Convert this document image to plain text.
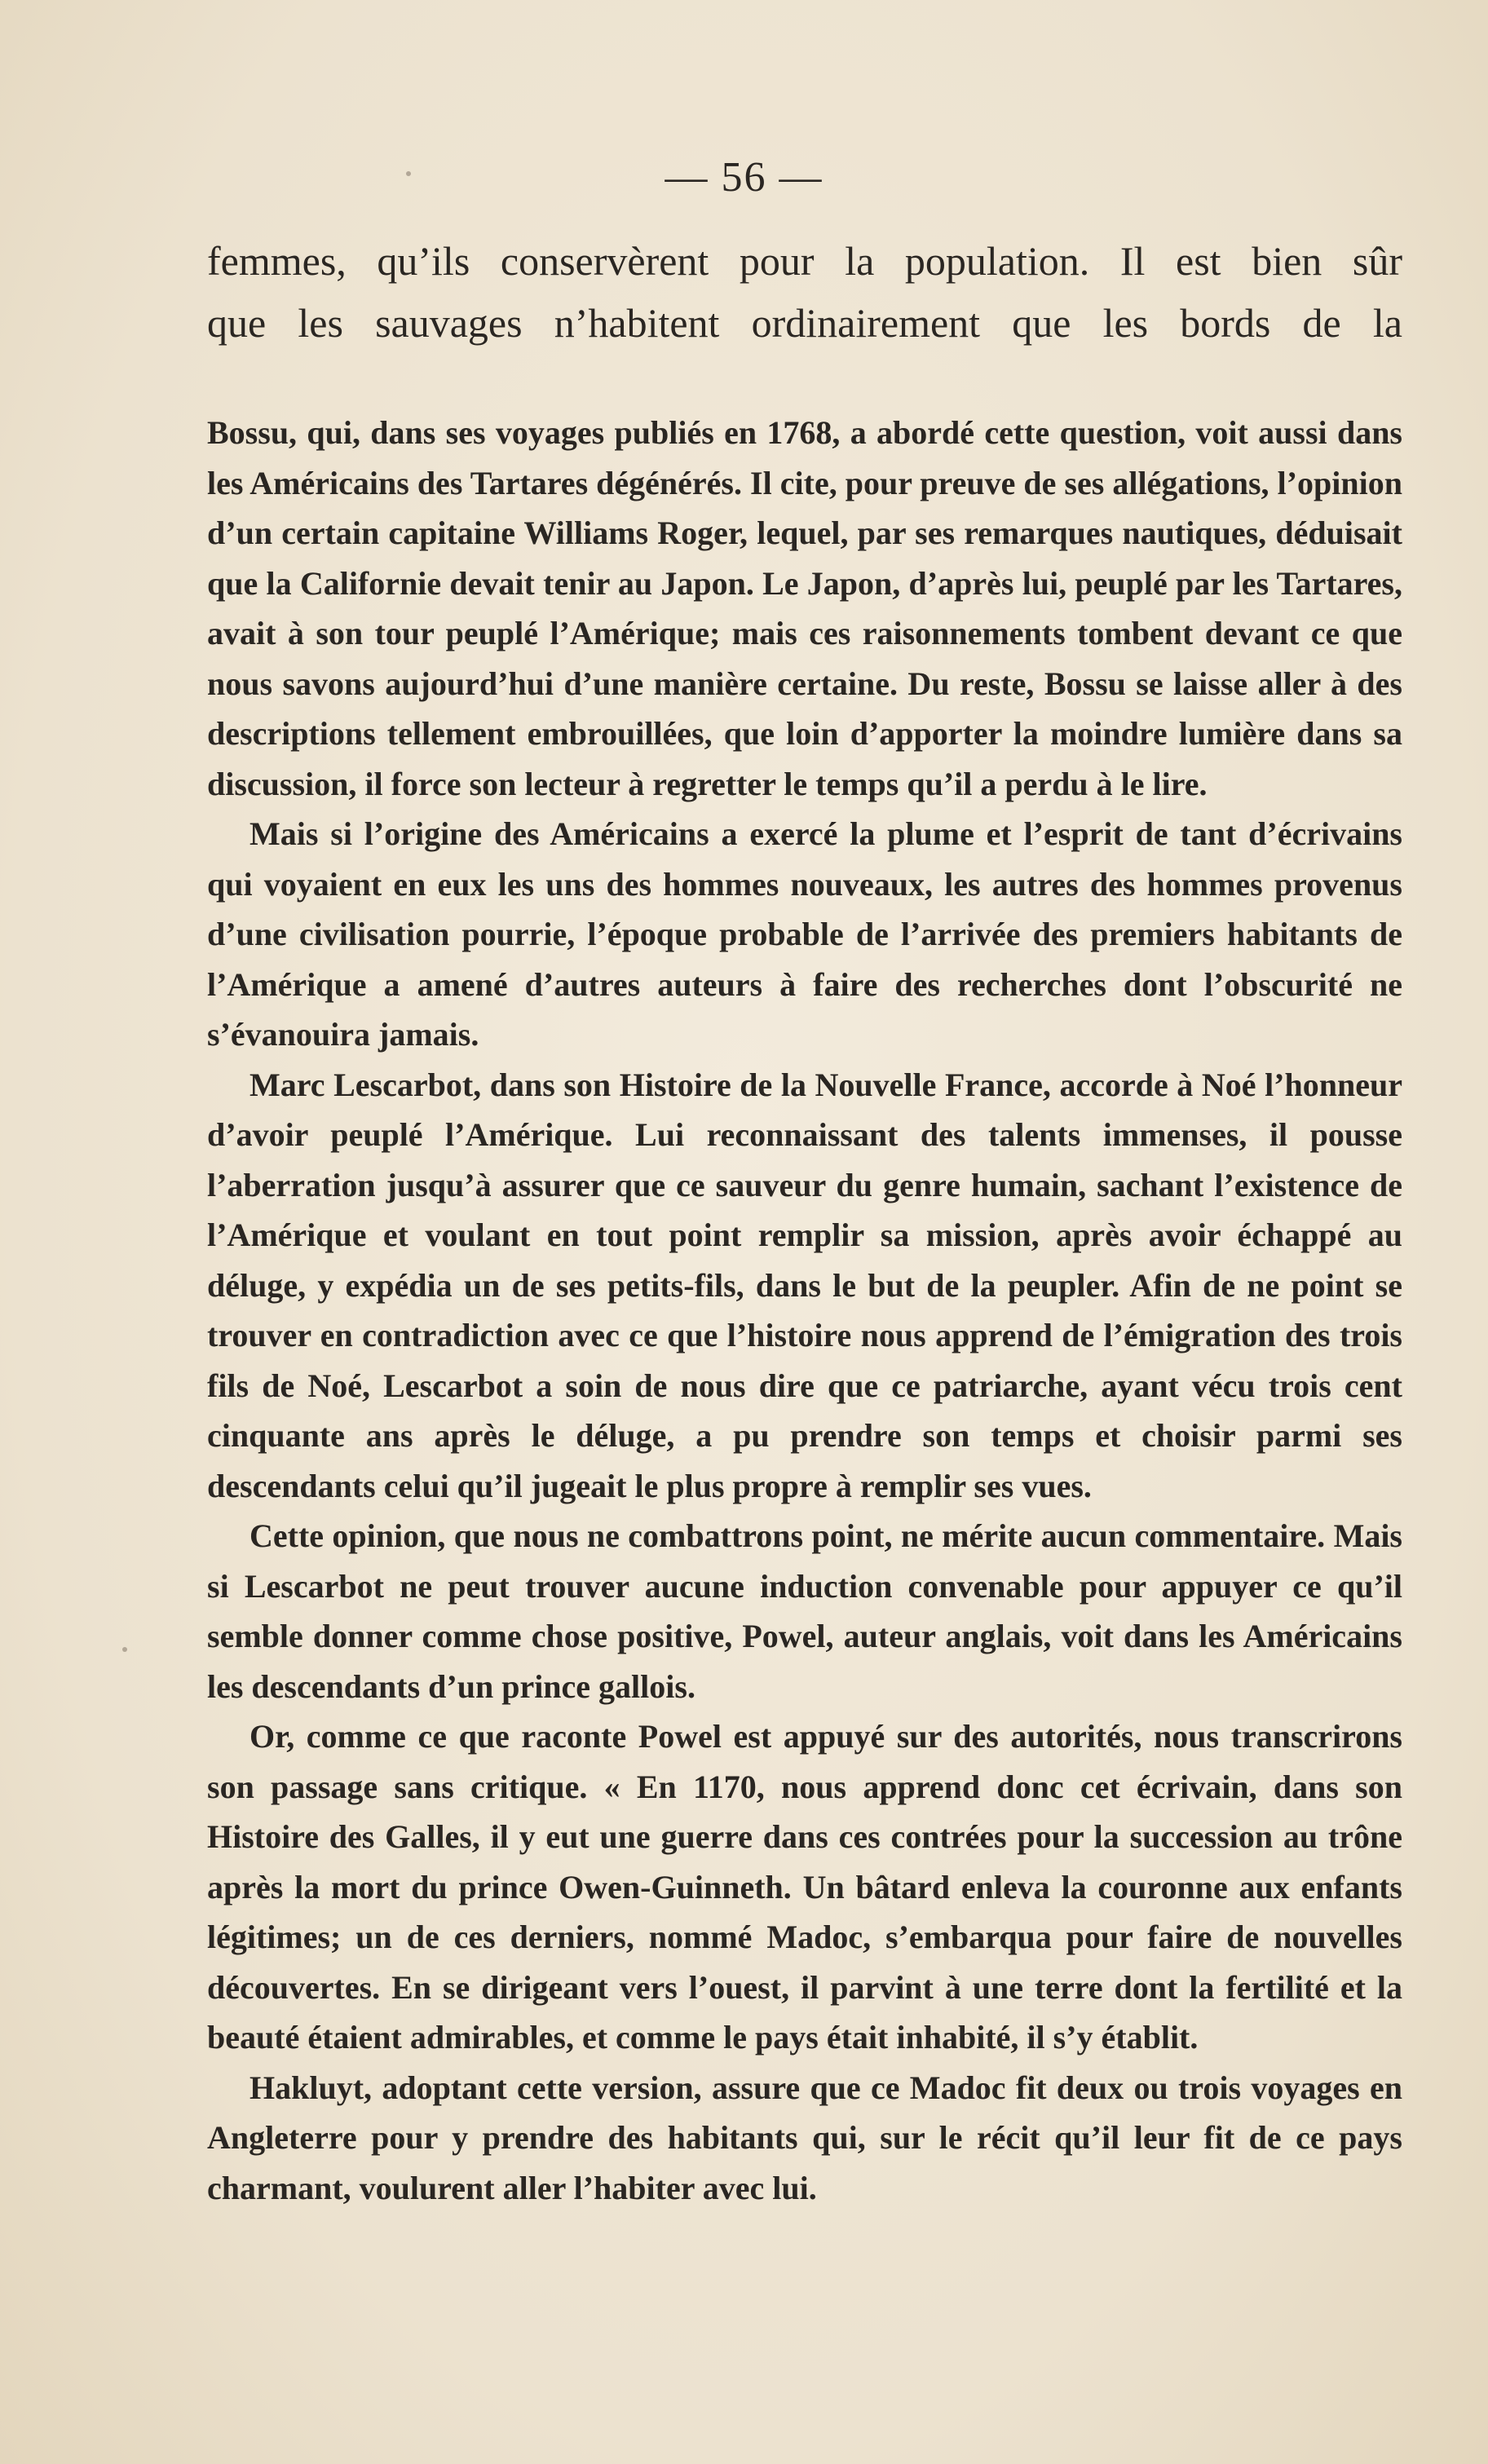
— 56 —

femmes, qu’ils conservèrent pour la population. Il est bien sûr

que les sauvages n’habitent ordinairement que les bords de la

Bossu, qui, dans ses voyages publiés en 1768, a abordé cette question, voit aussi dans les Américains des Tartares dégénérés. Il cite, pour preuve de ses allégations, l’opinion d’un certain capitaine Williams Roger, lequel, par ses remarques nautiques, déduisait que la Californie devait tenir au Japon. Le Japon, d’après lui, peuplé par les Tartares, avait à son tour peuplé l’Amérique; mais ces raisonnements tombent devant ce que nous savons aujourd’hui d’une manière certaine. Du reste, Bossu se laisse aller à des descriptions tellement embrouillées, que loin d’apporter la moindre lumière dans sa discussion, il force son lecteur à regretter le temps qu’il a perdu à le lire.

Mais si l’origine des Américains a exercé la plume et l’esprit de tant d’écrivains qui voyaient en eux les uns des hommes nouveaux, les autres des hommes provenus d’une civilisation pourrie, l’époque probable de l’arrivée des premiers habitants de l’Amérique a amené d’autres auteurs à faire des recherches dont l’obscurité ne s’évanouira jamais.

Marc Lescarbot, dans son Histoire de la Nouvelle France, accorde à Noé l’honneur d’avoir peuplé l’Amérique. Lui reconnaissant des talents immenses, il pousse l’aberration jusqu’à assurer que ce sauveur du genre humain, sachant l’existence de l’Amérique et voulant en tout point remplir sa mission, après avoir échappé au déluge, y expédia un de ses petits-fils, dans le but de la peupler. Afin de ne point se trouver en contradiction avec ce que l’histoire nous apprend de l’émigration des trois fils de Noé, Lescarbot a soin de nous dire que ce patriarche, ayant vécu trois cent cinquante ans après le déluge, a pu prendre son temps et choisir parmi ses descendants celui qu’il jugeait le plus propre à remplir ses vues.

Cette opinion, que nous ne combattrons point, ne mérite aucun commentaire. Mais si Lescarbot ne peut trouver aucune induction convenable pour appuyer ce qu’il semble donner comme chose positive, Powel, auteur anglais, voit dans les Américains les descendants d’un prince gallois.

Or, comme ce que raconte Powel est appuyé sur des autorités, nous transcrirons son passage sans critique. « En 1170, nous apprend donc cet écrivain, dans son Histoire des Galles, il y eut une guerre dans ces contrées pour la succession au trône après la mort du prince Owen-Guinneth. Un bâtard enleva la couronne aux enfants légitimes; un de ces derniers, nommé Madoc, s’embarqua pour faire de nouvelles découvertes. En se dirigeant vers l’ouest, il parvint à une terre dont la fertilité et la beauté étaient admirables, et comme le pays était inhabité, il s’y établit.

Hakluyt, adoptant cette version, assure que ce Madoc fit deux ou trois voyages en Angleterre pour y prendre des habitants qui, sur le récit qu’il leur fit de ce pays charmant, voulurent aller l’habiter avec lui.
